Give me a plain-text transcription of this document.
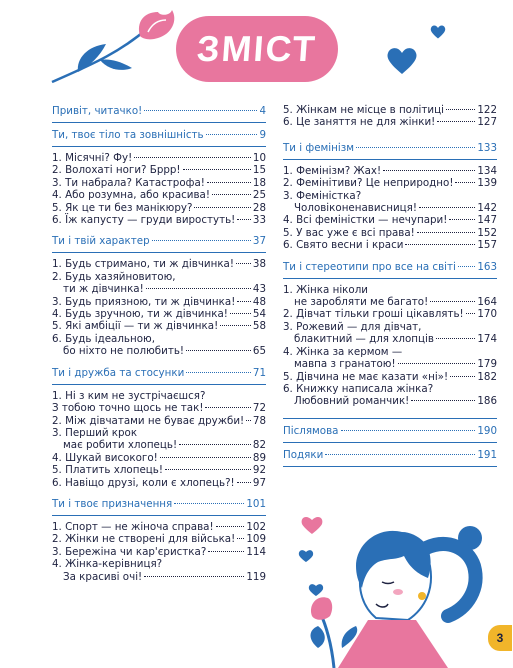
ЗМІСТ
Привіт, читачко!	4
Ти, твоє тіло та зовнішність	9
1. Місячні? Фу!	10
2. Волохаті ноги? Бррр!	15
3. Ти набрала? Катастрофа!	18
4. Або розумна, або красива!	25
5. Як це ти без манікюру?	28
6. Їж капусту — груди виростуть! 33
Ти і твій характер	37
1. Будь стримано, ти ж дівчинка! 38
2. Будь хазяйновитою,
ти ж дівчинка!	43
3. Будь приязною, ти ж дівчинка! 48
4. Будь зручною, ти ж дівчинка! 54
5. Які амбіції — ти ж дівчинка!	58
6. Будь ідеальною,
бо ніхто не полюбить!	65
Ти і дружба та стосунки	71
1. Ні з ким не зустрічаєшся?
З тобою точно щось не так!	72
2. Між дівчатами не буває дружби! 78
3. Перший крок
має робити хлопець!	82
4. Шукай високого!	89
5. Платить хлопець!	92
6. Навіщо друзі, коли є хлопець?! 97
Ти і твоє призначення	101
1. Спорт — не жіноча справа!	102
2. Жінки не створені для війська! 109
3. Бережіна чи кар'єристка?	114
4. Жінка-керівниця?
За красиві очі!	119
5. Жінкам не місце в політиці	122
6. Це заняття не для жінки!	127
Ти і фемінізм	133
1. Фемінізм? Жах!	134
2. Фемінітиви? Це неприродно! 139
3. Феміністка?
Чоловіконенависниця!	142
4. Всі феміністки — нечупари!	147
5. У вас уже є всі права!	152
6. Свято весни і краси	157
Ти і стереотипи про все на світі 163
1. Жінка ніколи
не заробляти ме багато!	164
2. Дівчат тільки гроші цікавлять! 170
3. Рожевий — для дівчат,
блакитний — для хлопців	174
4. Жінка за кермом —
мавпа з гранатою!	179
5. Дівчина не має казати «ні»!	182
6. Книжку написала жінка?
Любовний романчик!	186
Післямова	190
Подяки	191
3
